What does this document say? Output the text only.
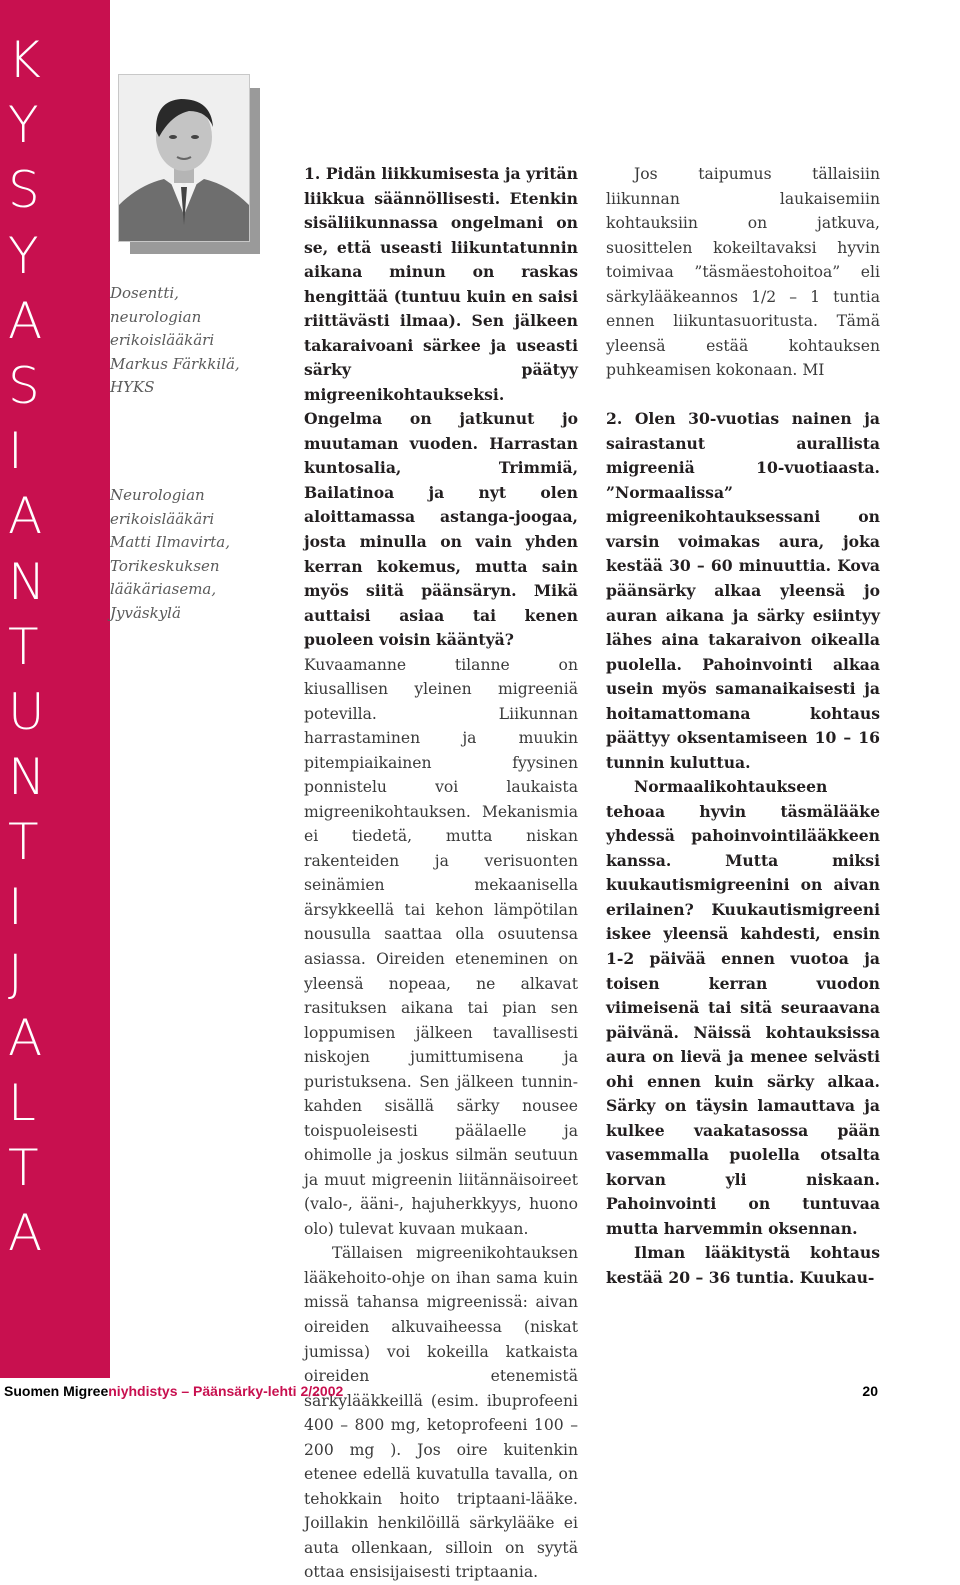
K
Y
S
Y
A
S
I
A
N
T
U
N
T
I
J
A
L
T
A
Dosentti,
neurologian
erikoislääkäri
Markus Färkkilä,
HYKS
Neurologian
erikoislääkäri
Matti Ilmavirta,
Torikeskuksen
lääkäriasema,
Jyväskylä

1. Pidän liikkumisesta ja yritän liikkua säännöllisesti. Etenkin sisäliikunnassa ongelmani on se, että useasti liikuntatunnin aikana minun on raskas hengittää (tuntuu kuin en saisi riittävästi ilmaa). Sen jälkeen takaraivoani särkee ja useasti särky päätyy migreenikohtaukseksi. Ongelma on jatkunut jo muutaman vuoden. Harrastan kuntosalia, Trimmiä, Bailatinoa ja nyt olen aloittamassa astanga-joogaa, josta minulla on vain yhden kerran kokemus, mutta sain myös siitä päänsäryn. Mikä auttaisi asiaa tai kenen puoleen voisin kääntyä?

Kuvaamanne tilanne on kiusallisen yleinen migreeniä potevilla. Liikunnan harrastaminen ja muukin pitempiaikainen fyysinen ponnistelu voi laukaista migreenikohtauksen. Mekanismia ei tiedetä, mutta niskan rakenteiden ja verisuonten seinämien mekaanisella ärsykkeellä tai kehon lämpötilan nousulla saattaa olla osuutensa asiassa. Oireiden eteneminen on yleensä nopeaa, ne alkavat rasituksen aikana tai pian sen loppumisen jälkeen tavallisesti niskojen jumittumisena ja puristuksena. Sen jälkeen tunnin-kahden sisällä särky nousee toispuoleisesti päälaelle ja ohimolle ja joskus silmän seutuun ja muut migreenin liitännäisoireet (valo-, ääni-, hajuherkkyys, huono olo) tulevat kuvaan mukaan.

Tällaisen migreenikohtauksen lääkehoito-ohje on ihan sama kuin missä tahansa migreenissä: aivan oireiden alkuvaiheessa (niskat jumissa) voi kokeilla katkaista oireiden etenemistä särkylääkkeillä (esim. ibuprofeeni 400 – 800 mg, ketoprofeeni 100 – 200 mg ). Jos oire kuitenkin etenee edellä kuvatulla tavalla, on tehokkain hoito triptaani-lääke. Joillakin henkilöillä särkylääke ei auta ollenkaan, silloin on syytä ottaa ensisijaisesti triptaania.

Jos taipumus tällaisiin liikunnan laukaisemiin kohtauksiin on jatkuva, suosittelen kokeiltavaksi hyvin toimivaa ”täsmäestohoitoa” eli särkylääkeannos 1/2 – 1 tuntia ennen liikuntasuoritusta. Tämä yleensä estää kohtauksen puhkeamisen kokonaan. MI

2. Olen 30-vuotias nainen ja sairastanut aurallista migreeniä 10-vuotiaasta. ”Normaalissa” migreenikohtauksessani on varsin voimakas aura, joka kestää 30 – 60 minuuttia. Kova päänsärky alkaa yleensä jo auran aikana ja särky esiintyy lähes aina takaraivon oikealla puolella. Pahoinvointi alkaa usein myös samanaikaisesti ja hoitamattomana kohtaus päättyy oksentamiseen 10 – 16 tunnin kuluttua.

Normaalikohtaukseen tehoaa hyvin täsmälääke yhdessä pahoinvointilääkkeen kanssa. Mutta miksi kuukautismigreenini on aivan erilainen? Kuukautismigreeni iskee yleensä kahdesti, ensin 1-2 päivää ennen vuotoa ja toisen kerran vuodon viimeisenä tai sitä seuraavana päivänä. Näissä kohtauksissa aura on lievä ja menee selvästi ohi ennen kuin särky alkaa. Särky on täysin lamauttava ja kulkee vaakatasossa pään vasemmalla puolella otsalta korvan yli niskaan. Pahoinvointi on tuntuvaa mutta harvemmin oksennan.

Ilman lääkitystä kohtaus kestää 20 – 36 tuntia. Kuukau-

Suomen Migreeniyhdistys – Päänsärky-lehti 2/2002	20
